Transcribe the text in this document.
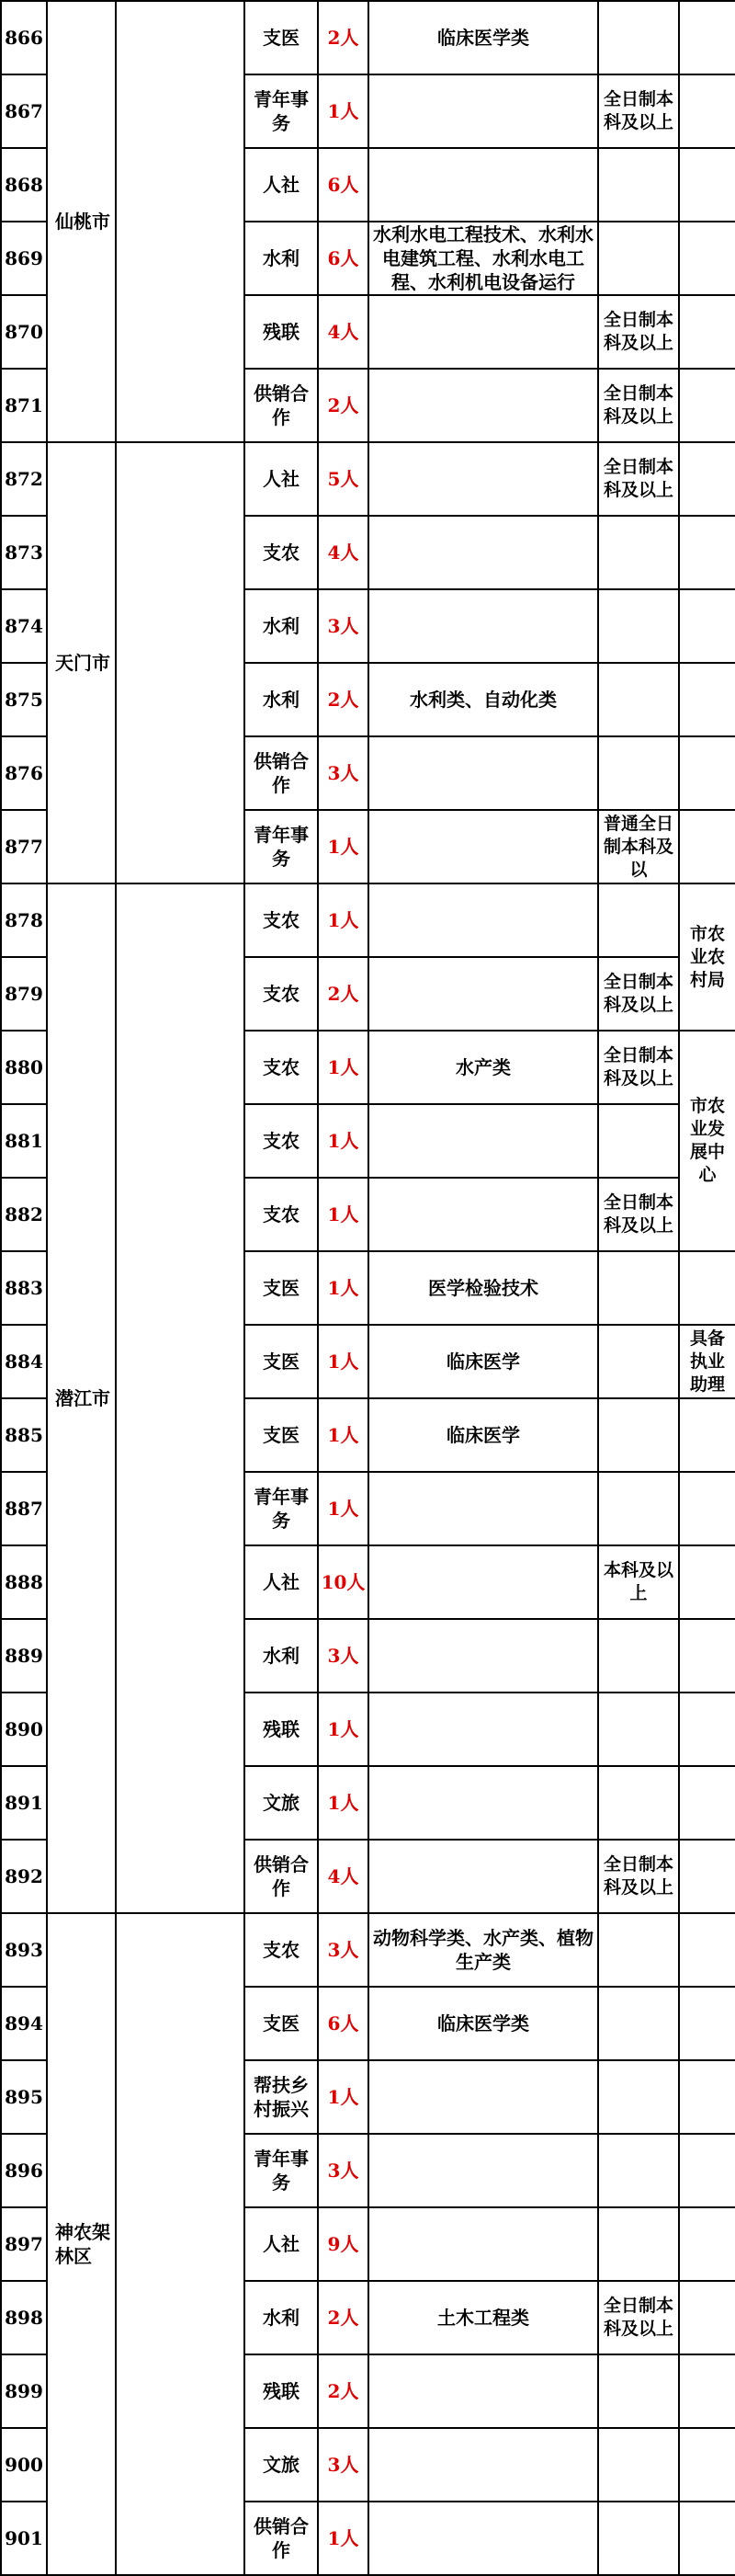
866	仙桃市		支医	2人	临床医学类		
867			青年事务	1人		全日制本科及以上	
868			人社	6人			
869			水利	6人	水利水电工程技术、水利水电建筑工程、水利水电工程、水利机电设备运行		
870			残联	4人		全日制本科及以上	
871			供销合作	2人		全日制本科及以上	
872	天门市		人社	5人		全日制本科及以上	
873			支农	4人			
874			水利	3人			
875			水利	2人	水利类、自动化类		
876			供销合作	3人			
877			青年事务	1人		普通全日制本科及以	
878	潜江市		支农	1人			市农业农村局
879			支农	2人		全日制本科及以上	
880			支农	1人	水产类	全日制本科及以上	市农业发展中心
881			支农	1人			
882			支农	1人		全日制本科及以上	
883			支医	1人	医学检验技术		
884			支医	1人	临床医学		具备执业助理
885			支医	1人	临床医学		
887			青年事务	1人			
888			人社	10人		本科及以上	
889			水利	3人			
890			残联	1人			
891			文旅	1人			
892			供销合作	4人		全日制本科及以上	
893	神农架林区		支农	3人	动物科学类、水产类、植物生产类		
894			支医	6人	临床医学类		
895			帮扶乡村振兴	1人			
896			青年事务	3人			
897			人社	9人			
898			水利	2人	土木工程类	全日制本科及以上	
899			残联	2人			
900			文旅	3人			
901			供销合作	1人			
